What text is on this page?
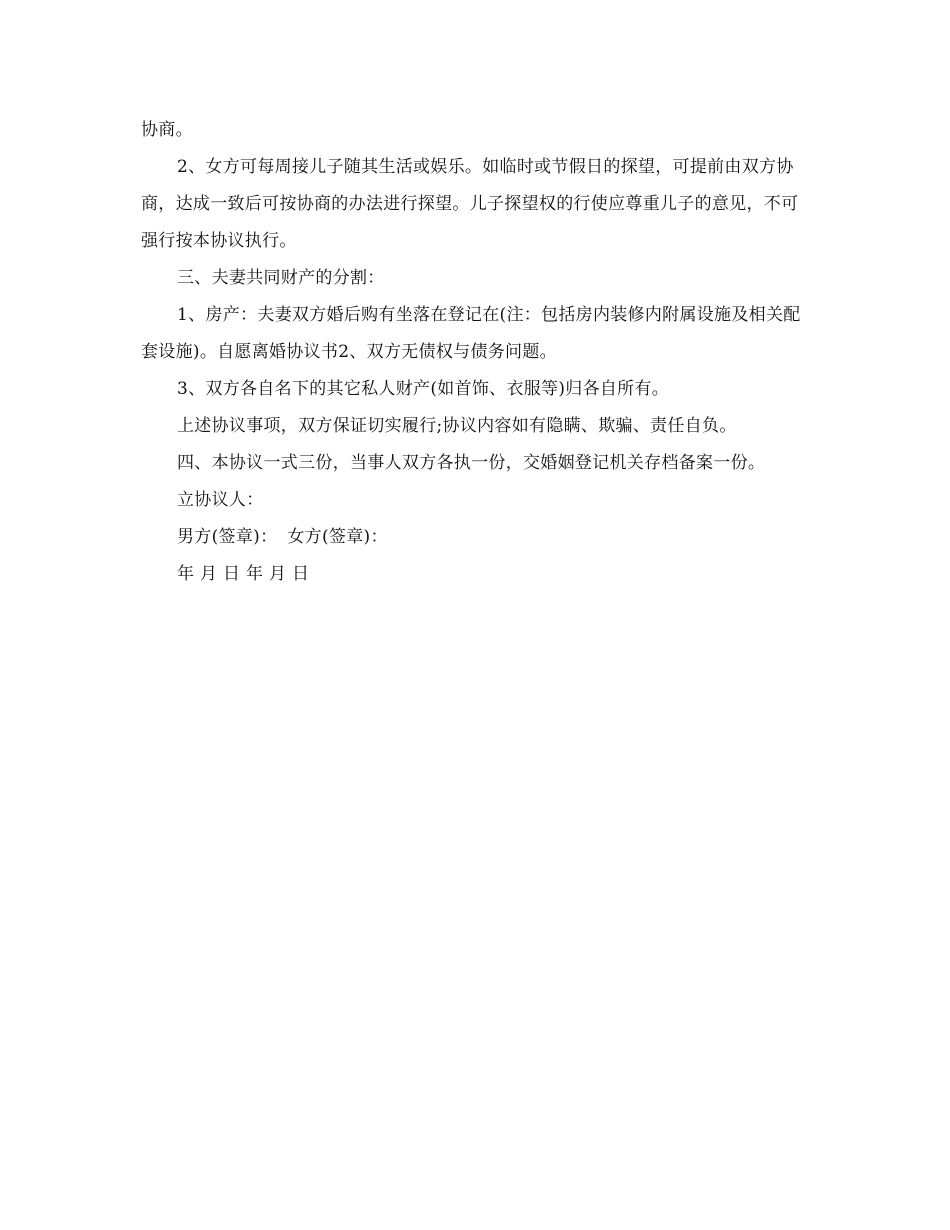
协商。

2、女方可每周接儿子随其生活或娱乐。如临时或节假日的探望，可提前由双方协商，达成一致后可按协商的办法进行探望。儿子探望权的行使应尊重儿子的意见，不可强行按本协议执行。

三、夫妻共同财产的分割：

1、房产：夫妻双方婚后购有坐落在登记在(注：包括房内装修内附属设施及相关配套设施)。自愿离婚协议书2、双方无债权与债务问题。

3、双方各自名下的其它私人财产(如首饰、衣服等)归各自所有。

上述协议事项，双方保证切实履行;协议内容如有隐瞒、欺骗、责任自负。

四、本协议一式三份，当事人双方各执一份，交婚姻登记机关存档备案一份。

立协议人：

男方(签章)： 女方(签章)：

年 月 日 年 月 日
